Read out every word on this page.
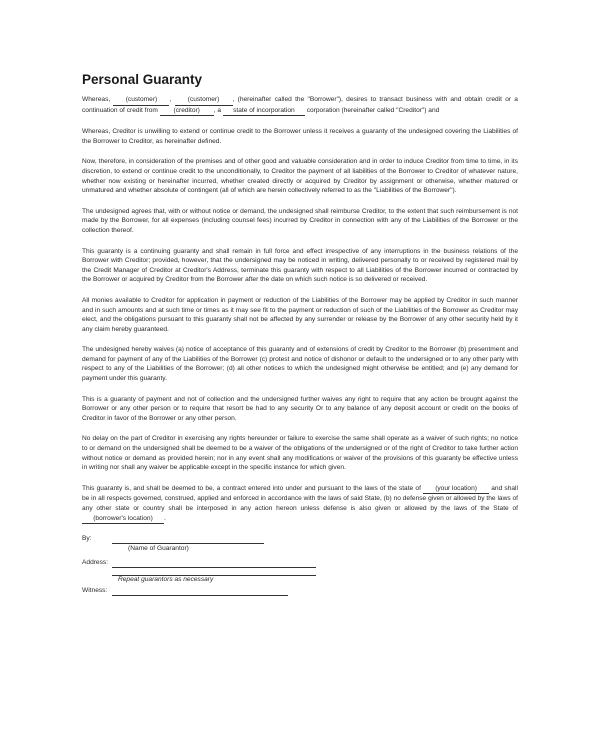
Personal Guaranty

Whereas, (customer) , (customer) , (hereinafter called the "Borrower"), desires to transact business with and obtain credit or a continuation of credit from (creditor) , a state of incorporation corporation (hereinafter called "Creditor") and

Whereas, Creditor is unwilling to extend or continue credit to the Borrower unless it receives a guaranty of the undesigned covering the Liabilities of the Borrower to Creditor, as hereinafter defined.

Now, therefore, in consideration of the premises and of other good and valuable consideration and in order to induce Creditor from time to time, in its discretion, to extend or continue credit to the unconditionally, to Creditor the payment of all liabilities of the Borrower to Creditor of whatever nature, whether now existing or hereinafter incurred, whether created directly or acquired by Creditor by assignment or otherwise, whether matured or unmatured and whether absolute of contingent (all of which are herein collectively referred to as the "Liabilities of the Borrower").

The undesigned agrees that, with or without notice or demand, the undesigned shall reimburse Creditor, to the extent that such reimbursement is not made by the Borrower, for all expenses (including counsel fees) incurred by Creditor in connection with any of the Liabilities of the Borrower or the collection thereof.

This guaranty is a continuing guaranty and shall remain in full force and effect irrespective of any interruptions in the business relations of the Borrower with Creditor; provided, however, that the undersigned may be noticed in writing, delivered personally to or received by registered mail by the Credit Manager of Creditor at Creditor's Address, terminate this guaranty with respect to all Liabilities of the Borrower incurred or contracted by the Borrower or acquired by Creditor from the Borrower after the date on which such notice is so delivered or received.

All monies available to Creditor for application in payment or reduction of the Liabilities of the Borrower may be applied by Creditor in such manner and in such amounts and at such time or times as it may see fit to the payment or reduction of such of the Liabilities of the Borrower as Creditor may elect, and the obligations pursuant to this guaranty shall not be affected by any surrender or release by the Borrower of any other security held by it any claim hereby guaranteed.

The undesigned hereby waives (a) notice of acceptance of this guaranty and of extensions of credit by Creditor to the Borrower (b) presentment and demand for payment of any of the Liabilities of the Borrower (c) protest and notice of dishonor or default to the undersigned or to any other party with respect to any of the Liabilities of the Borrower; (d) all other notices to which the undesigned might otherwise be entitled; and (e) any demand for payment under this guaranty.

This is a guaranty of payment and not of collection and the undersigned further waives any right to require that any action be brought against the Borrower or any other person or to require that resort be had to any security Or to any balance of any deposit account or credit on the books of Creditor in favor of the Borrower or any other person.

No delay on the part of Creditor in exercising any rights hereunder or failure to exercise the same shall operate as a waiver of such rights; no notice to or demand on the undersigned shall be deemed to be a waiver of the obligations of the undersigned or of the right of Creditor to take further action without notice or demand as provided herein; nor in any event shall any modifications or waiver of the provisions of this guaranty be effective unless in writing nor shall any waiver be applicable except in the specific instance for which given.

This guaranty is, and shall be deemed to be, a contract entered into under and pursuant to the laws of the state of (your location) and shall be in all respects governed, construed, applied and enforced in accordance with the laws of said State, (b) no defense given or allowed by the laws of any other state or country shall be interposed in any action hereon unless defense is also given or allowed by the laws of the State of (borrower's location) .

By:
(Name of Guarantor)
Address:
Repeat guarantors as necessary
Witness:
